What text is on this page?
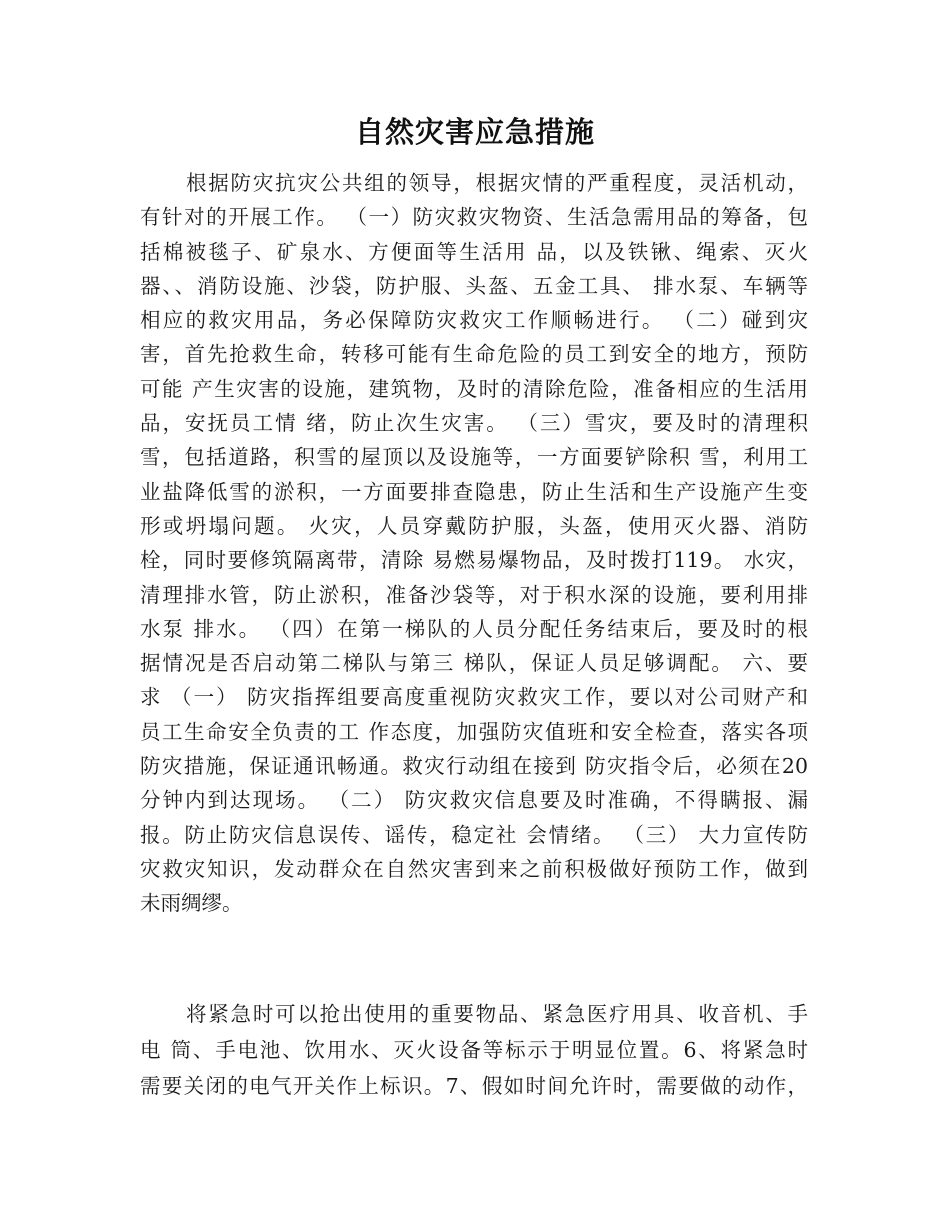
自然灾害应急措施
根据防灾抗灾公共组的领导，根据灾情的严重程度，灵活机动，
有针对的开展工作。 （一）防灾救灾物资、生活急需用品的筹备，包
括棉被毯子、矿泉水、方便面等生活用 品，以及铁锹、绳索、灭火
器、、消防设施、沙袋，防护服、头盔、五金工具、 排水泵、车辆等
相应的救灾用品，务必保障防灾救灾工作顺畅进行。 （二）碰到灾
害，首先抢救生命，转移可能有生命危险的员工到安全的地方，预防
可能 产生灾害的设施，建筑物，及时的清除危险，准备相应的生活用
品，安抚员工情 绪，防止次生灾害。 （三）雪灾，要及时的清理积
雪，包括道路，积雪的屋顶以及设施等，一方面要铲除积 雪，利用工
业盐降低雪的淤积，一方面要排查隐患，防止生活和生产设施产生变
形或坍塌问题。 火灾，人员穿戴防护服，头盔，使用灭火器、消防
栓，同时要修筑隔离带，清除 易燃易爆物品，及时拨打119。 水灾，
清理排水管，防止淤积，准备沙袋等，对于积水深的设施，要利用排
水泵 排水。 （四）在第一梯队的人员分配任务结束后，要及时的根
据情况是否启动第二梯队与第三 梯队，保证人员足够调配。 六、要
求 （一） 防灾指挥组要高度重视防灾救灾工作，要以对公司财产和
员工生命安全负责的工 作态度，加强防灾值班和安全检查，落实各项
防灾措施，保证通讯畅通。救灾行动组在接到 防灾指令后，必须在20
分钟内到达现场。 （二） 防灾救灾信息要及时准确，不得瞒报、漏
报。防止防灾信息误传、谣传，稳定社 会情绪。 （三） 大力宣传防
灾救灾知识，发动群众在自然灾害到来之前积极做好预防工作，做到
未雨绸缪。
将紧急时可以抢出使用的重要物品、紧急医疗用具、收音机、手
电 筒、手电池、饮用水、灭火设备等标示于明显位置。6、将紧急时
需要关闭的电气开关作上标识。7、假如时间允许时，需要做的动作，
